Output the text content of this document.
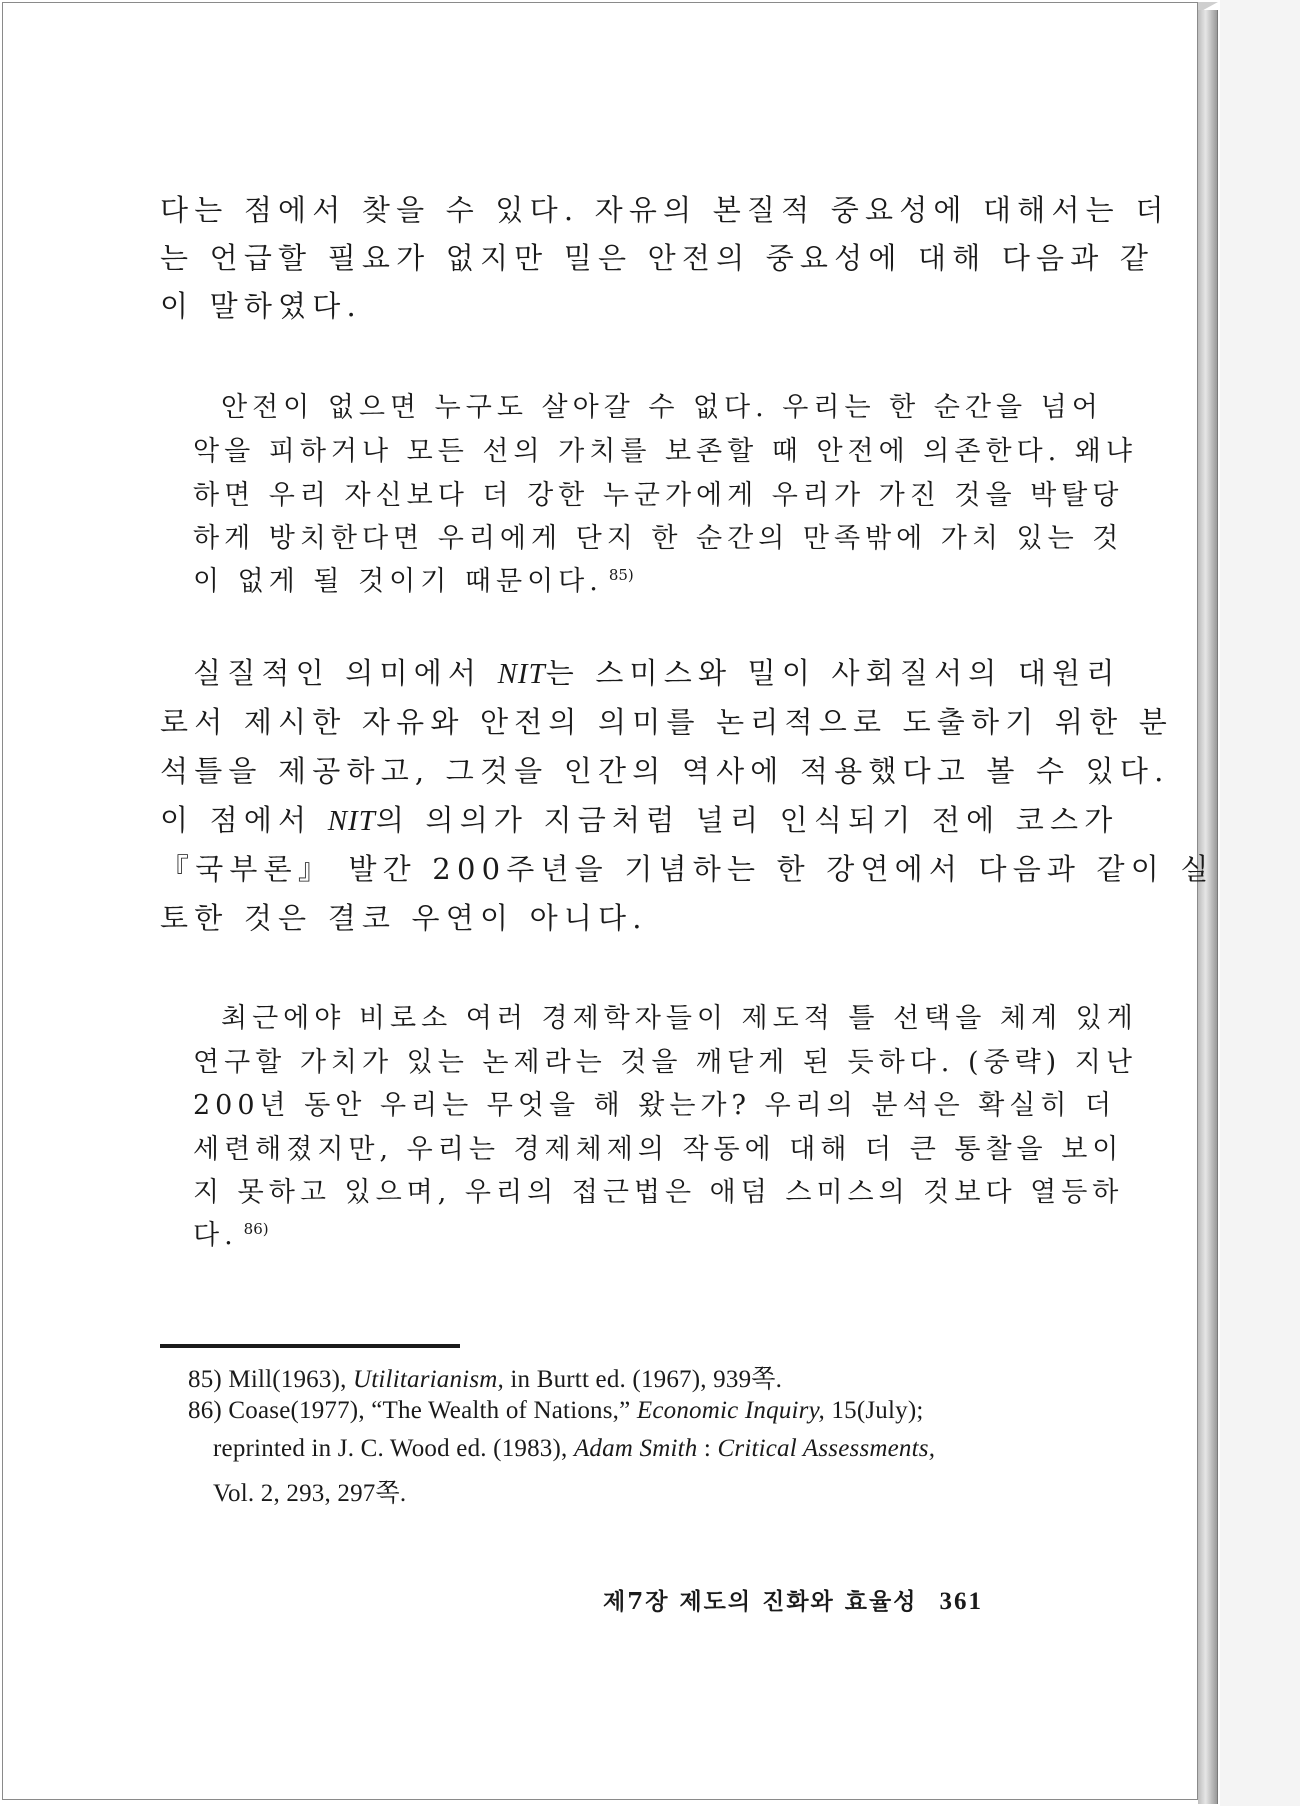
다는 점에서 찾을 수 있다. 자유의 본질적 중요성에 대해서는 더
는 언급할 필요가 없지만 밀은 안전의 중요성에 대해 다음과 같
이 말하였다.
안전이 없으면 누구도 살아갈 수 없다. 우리는 한 순간을 넘어
악을 피하거나 모든 선의 가치를 보존할 때 안전에 의존한다. 왜냐
하면 우리 자신보다 더 강한 누군가에게 우리가 가진 것을 박탈당
하게 방치한다면 우리에게 단지 한 순간의 만족밖에 가치 있는 것
이 없게 될 것이기 때문이다. $^{85)}$
실질적인 의미에서 NIT는 스미스와 밀이 사회질서의 대원리
로서 제시한 자유와 안전의 의미를 논리적으로 도출하기 위한 분
석틀을 제공하고, 그것을 인간의 역사에 적용했다고 볼 수 있다.
이 점에서 NIT의 의의가 지금처럼 널리 인식되기 전에 코스가
『국부론』 발간 200주년을 기념하는 한 강연에서 다음과 같이 실
토한 것은 결코 우연이 아니다.
최근에야 비로소 여러 경제학자들이 제도적 틀 선택을 체계 있게
연구할 가치가 있는 논제라는 것을 깨닫게 된 듯하다. (중략) 지난
200년 동안 우리는 무엇을 해 왔는가? 우리의 분석은 확실히 더
세련해졌지만, 우리는 경제체제의 작동에 대해 더 큰 통찰을 보이
지 못하고 있으며, 우리의 접근법은 애덤 스미스의 것보다 열등하
다. $^{86)}$
85) Mill(1963), Utilitarianism, in Burtt ed. (1967), 939쪽.
86) Coase(1977), “The Wealth of Nations,” Economic Inquiry, 15(July);
reprinted in J. C. Wood ed. (1983), Adam Smith : Critical Assessments,
Vol. 2, 293, 297쪽.
제7장 제도의 진화와 효율성 361
